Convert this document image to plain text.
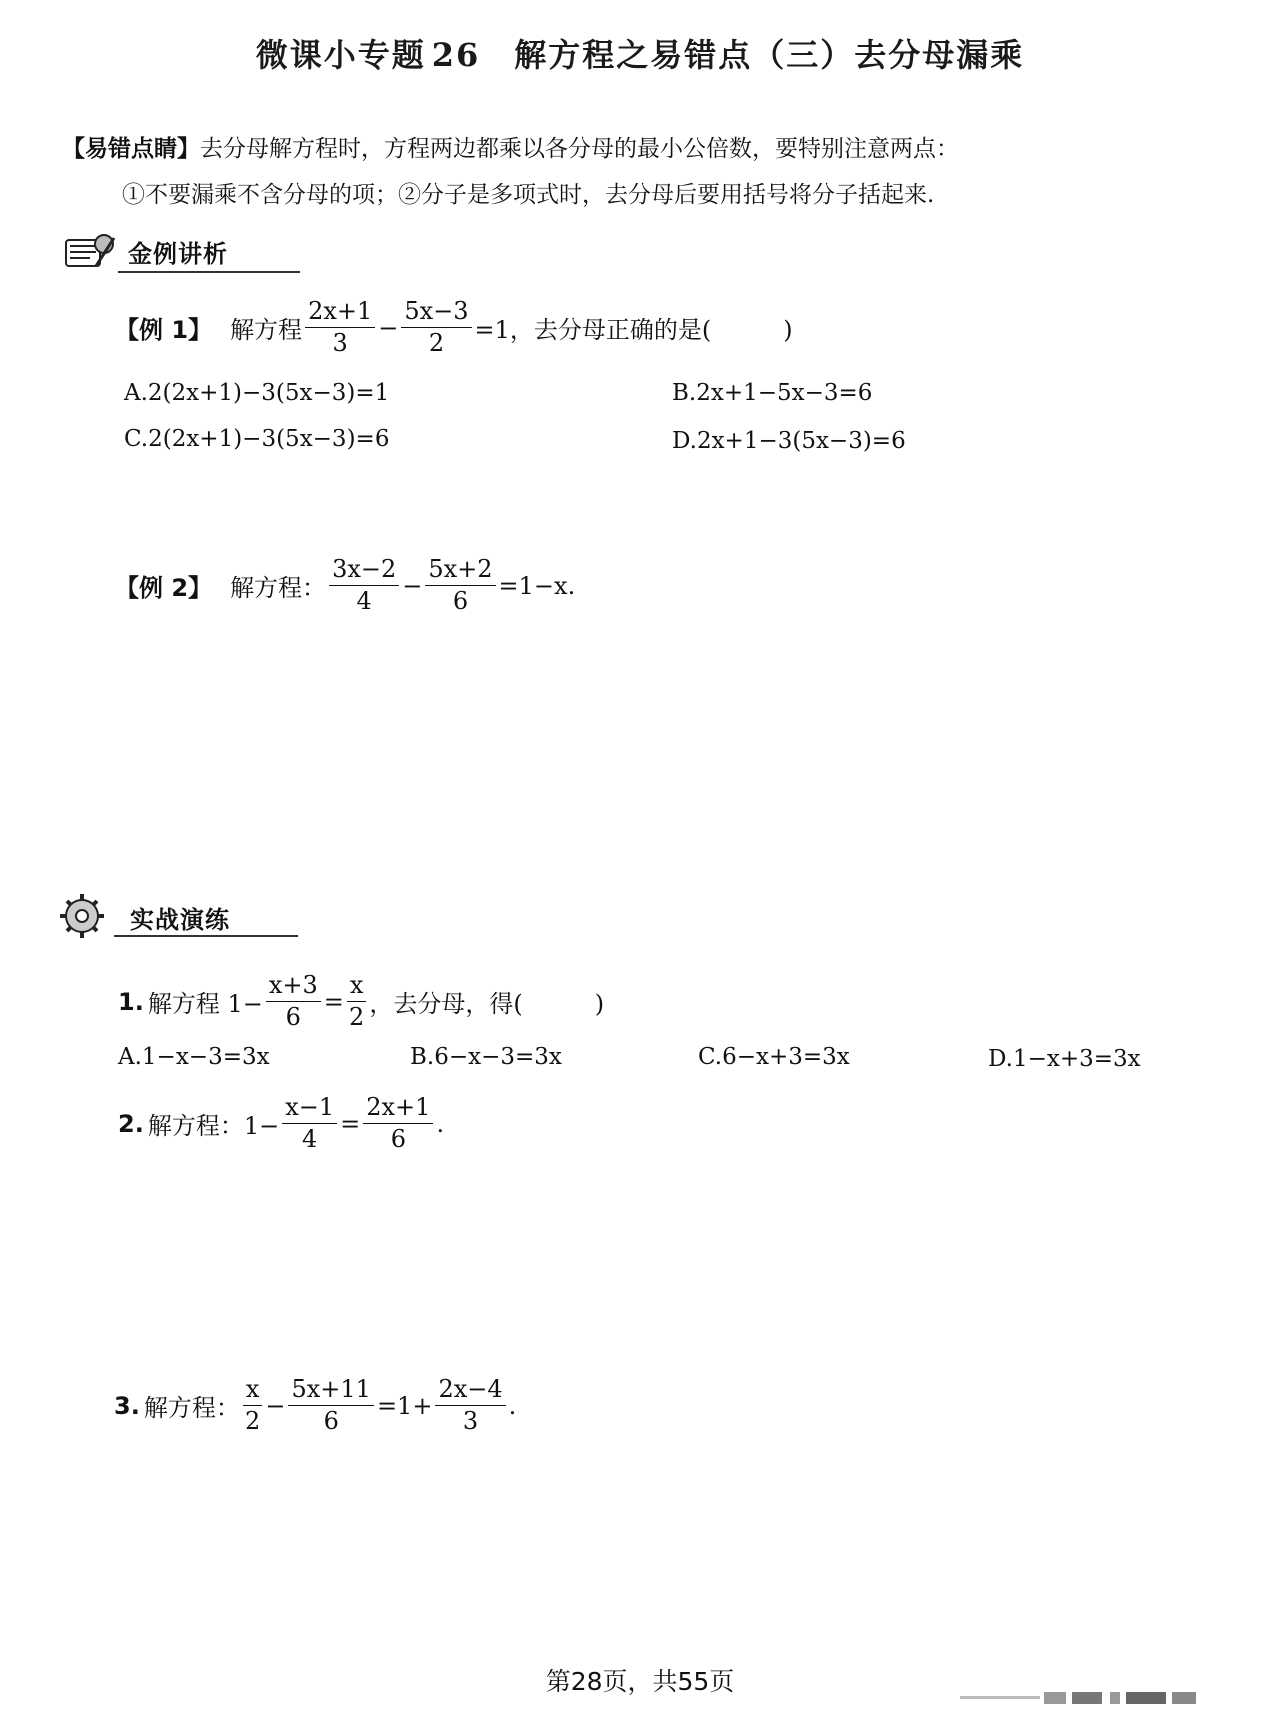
微课小专题 26 解方程之易错点（三）去分母漏乘
【易错点睛】去分母解方程时，方程两边都乘以各分母的最小公倍数，要特别注意两点：
①不要漏乘不含分母的项；②分子是多项式时，去分母后要用括号将分子括起来.
金例讲析
【例 1】 解方程 $\frac{2x+1}{3} - \frac{5x-3}{2} =1$，去分母正确的是(　　　)
A.2(2x+1)−3(5x−3)=1	B.2x+1−5x−3=6
C.2(2x+1)−3(5x−3)=6	D.2x+1−3(5x−3)=6
【例 2】 解方程： $\frac{3x-2}{4} - \frac{5x+2}{6} =1-x$.
实战演练
1. 解方程 $1- \frac{x+3}{6} = \frac{x}{2}$ ，去分母，得(　　　)
A.1−x−3=3x	B.6−x−3=3x	C.6−x+3=3x	D.1−x+3=3x
2. 解方程：$1- \frac{x-1}{4} = \frac{2x+1}{6}$ .
3. 解方程： $\frac{x}{2} - \frac{5x+11}{6} =1+ \frac{2x-4}{3}$ .
第28页，共55页
